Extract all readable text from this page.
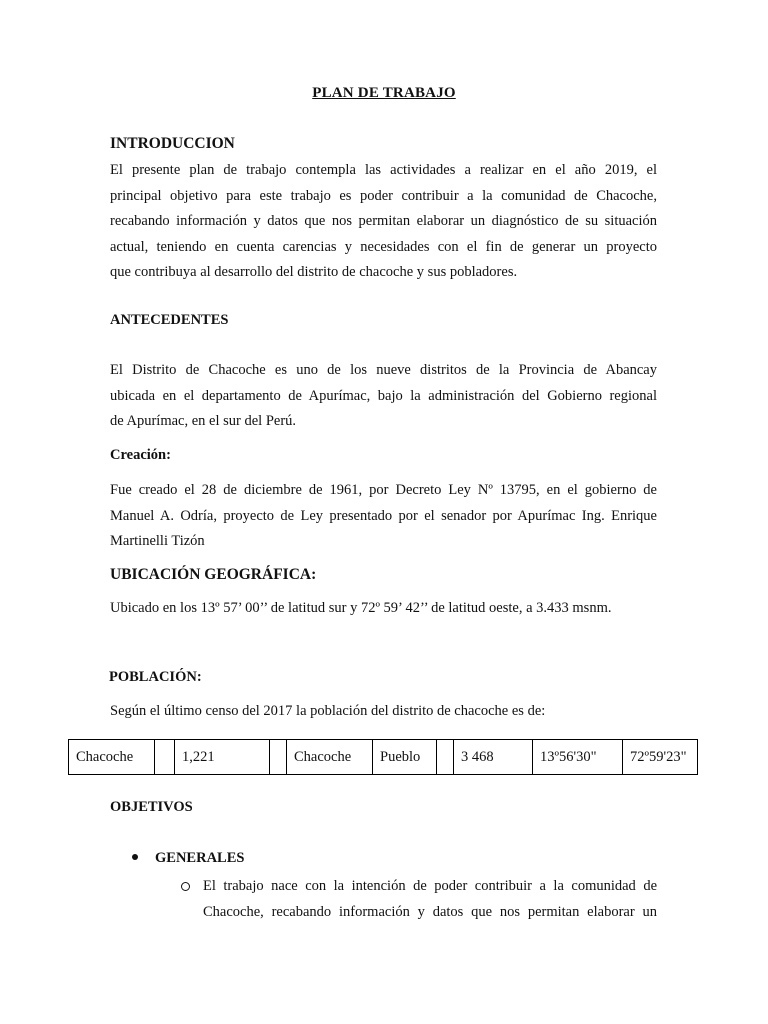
PLAN DE TRABAJO
INTRODUCCION
El presente plan de trabajo contempla las actividades a realizar en el año 2019, el
principal objetivo para este trabajo es poder contribuir a la comunidad de Chacoche,
recabando información y datos que nos permitan elaborar un diagnóstico de su situación
actual, teniendo en cuenta carencias y necesidades con el fin de generar un proyecto
que contribuya al desarrollo del distrito de chacoche y sus pobladores.
ANTECEDENTES
El Distrito de Chacoche es uno de los nueve distritos de la Provincia de Abancay
ubicada en el departamento de Apurímac, bajo la administración del Gobierno regional
de Apurímac, en el sur del Perú.
Creación:
Fue creado el 28 de diciembre de 1961, por Decreto Ley Nº 13795, en el gobierno de
Manuel A. Odría, proyecto de Ley presentado por el senador por Apurímac Ing. Enrique
Martinelli Tizón
UBICACIÓN GEOGRÁFICA:
Ubicado en los 13º 57’ 00’’ de latitud sur y 72º 59’ 42’’ de latitud oeste, a 3.433 msnm.
POBLACIÓN:
Según el último censo del 2017 la población del distrito de chacoche es de:
Chacoche		1,221		Chacoche	Pueblo		3 468	13º56'30"	72º59'23"
OBJETIVOS
GENERALES
El trabajo nace con la intención de poder contribuir a la comunidad de
Chacoche, recabando información y datos que nos permitan elaborar un
